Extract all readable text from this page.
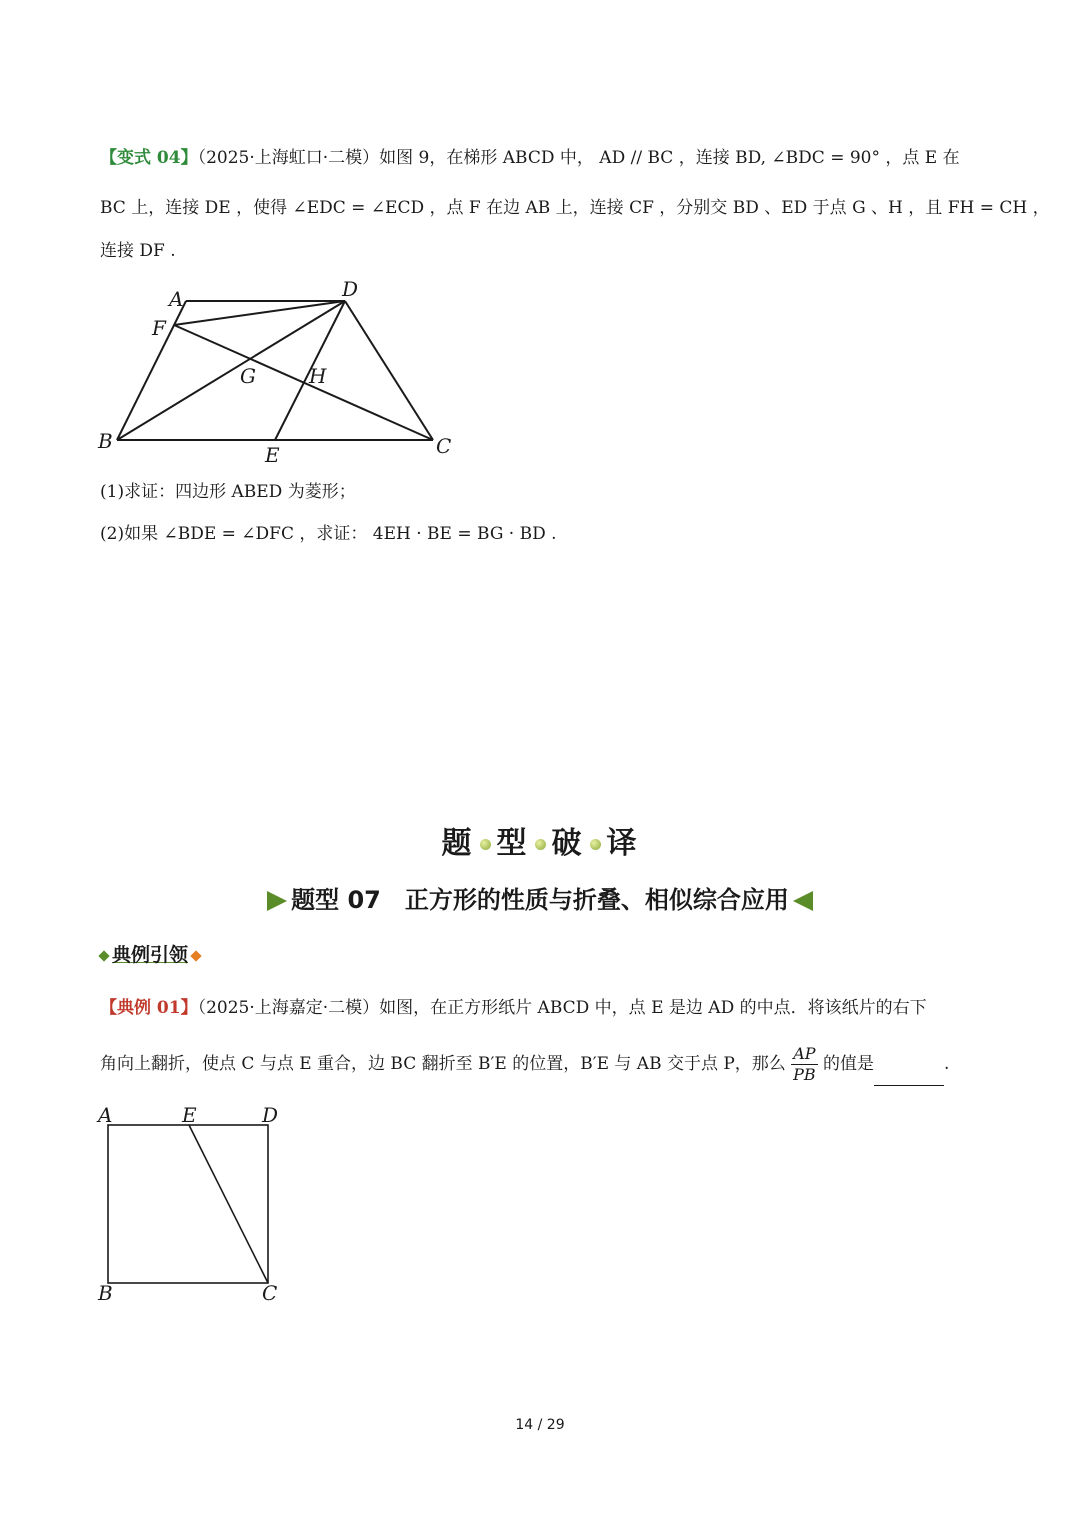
【变式 04】（2025·上海虹口·二模）如图 9，在梯形 ABCD 中， AD // BC ，连接 BD, ∠BDC = 90° ，点 E 在
BC 上，连接 DE ，使得 ∠EDC = ∠ECD ，点 F 在边 AB 上，连接 CF ，分别交 BD 、ED 于点 G 、H ，且 FH = CH ，
连接 DF .
A	D
F
G	H
B
E	C
(1)求证：四边形 ABED 为菱形；
(2)如果 ∠BDE = ∠DFC ，求证： 4EH · BE = BG · BD .
题 型 破 译
题型 07　正方形的性质与折叠、相似综合应用
典例引领
【典例 01】（2025·上海嘉定·二模）如图，在正方形纸片 ABCD 中，点 E 是边 AD 的中点．将该纸片的右下
角向上翻折，使点 C 与点 E 重合，边 BC 翻折至 B′E 的位置，B′E 与 AB 交于点 P，那么 $\frac{AP}{PB}$ 的值是	.
A	E	D
B	C
14 / 29
